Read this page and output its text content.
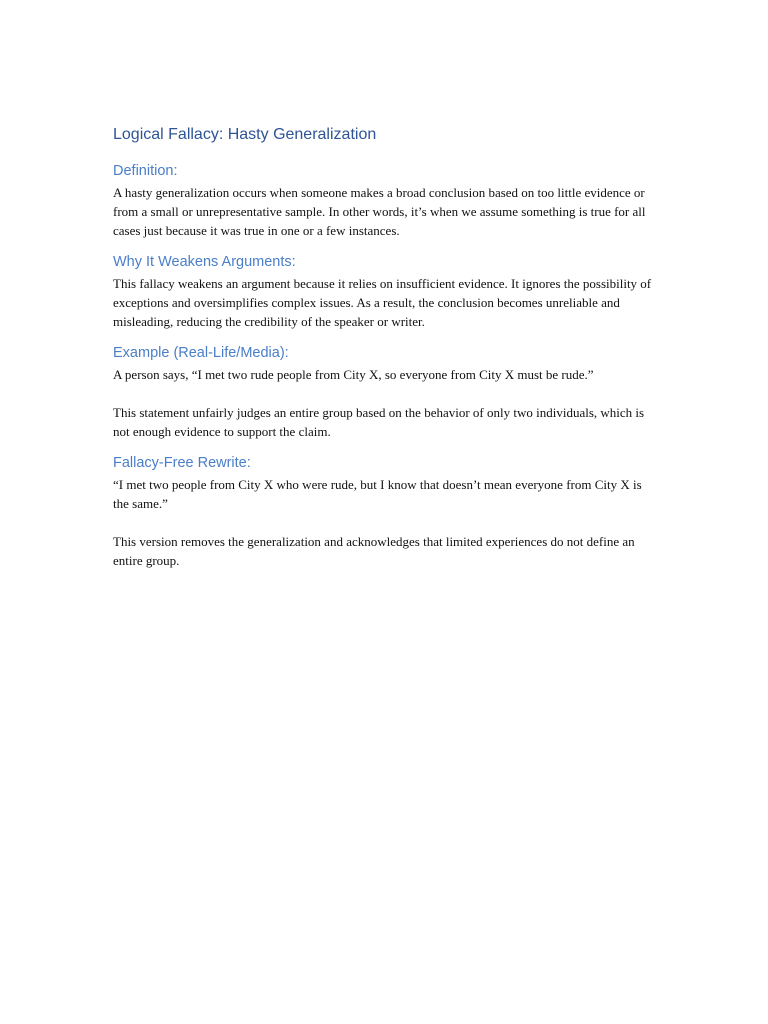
Logical Fallacy: Hasty Generalization
Definition:

A hasty generalization occurs when someone makes a broad conclusion based on too little evidence or from a small or unrepresentative sample. In other words, it’s when we assume something is true for all cases just because it was true in one or a few instances.

Why It Weakens Arguments:

This fallacy weakens an argument because it relies on insufficient evidence. It ignores the possibility of exceptions and oversimplifies complex issues. As a result, the conclusion becomes unreliable and misleading, reducing the credibility of the speaker or writer.

Example (Real-Life/Media):

A person says, “I met two rude people from City X, so everyone from City X must be rude.”

This statement unfairly judges an entire group based on the behavior of only two individuals, which is not enough evidence to support the claim.

Fallacy-Free Rewrite:

“I met two people from City X who were rude, but I know that doesn’t mean everyone from City X is the same.”

This version removes the generalization and acknowledges that limited experiences do not define an entire group.
